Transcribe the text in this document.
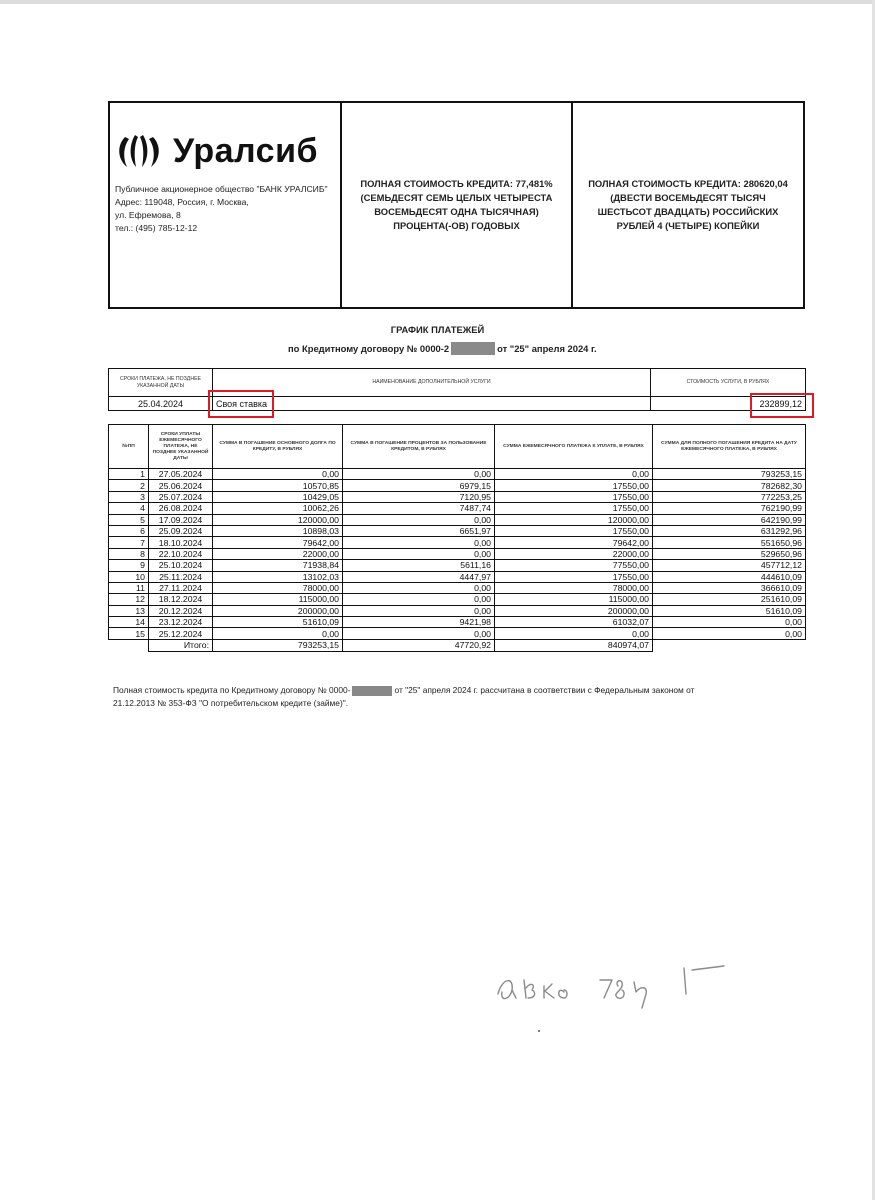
Уралсиб
Публичное акционерное общество "БАНК УРАЛСИБ"
Адрес: 119048, Россия, г. Москва,
ул. Ефремова, 8
тел.: (495) 785-12-12
ПОЛНАЯ СТОИМОСТЬ КРЕДИТА: 77,481% (СЕМЬДЕСЯТ СЕМЬ ЦЕЛЫХ ЧЕТЫРЕСТА ВОСЕМЬДЕСЯТ ОДНА ТЫСЯЧНАЯ) ПРОЦЕНТА(-ОВ) ГОДОВЫХ
ПОЛНАЯ СТОИМОСТЬ КРЕДИТА: 280620,04 (ДВЕСТИ ВОСЕМЬДЕСЯТ ТЫСЯЧ ШЕСТЬСОТ ДВАДЦАТЬ) РОССИЙСКИХ РУБЛЕЙ 4 (ЧЕТЫРЕ) КОПЕЙКИ
ГРАФИК ПЛАТЕЖЕЙ
по Кредитному договору № 0000-2	от "25" апреля 2024 г.
СРОКИ ПЛАТЕЖА, НЕ ПОЗДНЕЕ УКАЗАННОЙ ДАТЫ	НАИМЕНОВАНИЕ ДОПОЛНИТЕЛЬНОЙ УСЛУГИ	СТОИМОСТЬ УСЛУГИ, В РУБЛЯХ
25.04.2024	Своя ставка	232899,12
№ПП	СРОКИ УПЛАТЫ ЕЖЕМЕСЯЧНОГО ПЛАТЕЖА, НЕ ПОЗДНЕЕ УКАЗАННОЙ ДАТЫ	СУММА В ПОГАШЕНИЕ ОСНОВНОГО ДОЛГА ПО КРЕДИТУ, В РУБЛЯХ	СУММА В ПОГАШЕНИЕ ПРОЦЕНТОВ ЗА ПОЛЬЗОВАНИЕ КРЕДИТОМ, В РУБЛЯХ	СУММА ЕЖЕМЕСЯЧНОГО ПЛАТЕЖА К УПЛАТЕ, В РУБЛЯХ	СУММА ДЛЯ ПОЛНОГО ПОГАШЕНИЯ КРЕДИТА НА ДАТУ ЕЖЕМЕСЯЧНОГО ПЛАТЕЖА, В РУБЛЯХ
1	27.05.2024	0,00	0,00	0,00	793253,15
2	25.06.2024	10570,85	6979,15	17550,00	782682,30
3	25.07.2024	10429,05	7120,95	17550,00	772253,25
4	26.08.2024	10062,26	7487,74	17550,00	762190,99
5	17.09.2024	120000,00	0,00	120000,00	642190,99
6	25.09.2024	10898,03	6651,97	17550,00	631292,96
7	18.10.2024	79642,00	0,00	79642,00	551650,96
8	22.10.2024	22000,00	0,00	22000,00	529650,96
9	25.10.2024	71938,84	5611,16	77550,00	457712,12
10	25.11.2024	13102,03	4447,97	17550,00	444610,09
11	27.11.2024	78000,00	0,00	78000,00	366610,09
12	18.12.2024	115000,00	0,00	115000,00	251610,09
13	20.12.2024	200000,00	0,00	200000,00	51610,09
14	23.12.2024	51610,09	9421,98	61032,07	0,00
15	25.12.2024	0,00	0,00	0,00	0,00
	Итого:	793253,15	47720,92	840974,07	
Полная стоимость кредита по Кредитному договору № 0000-	от "25" апреля 2024 г. рассчитана в соответствии с Федеральным законом от
21.12.2013 № 353-ФЗ "О потребительском кредите (займе)".
